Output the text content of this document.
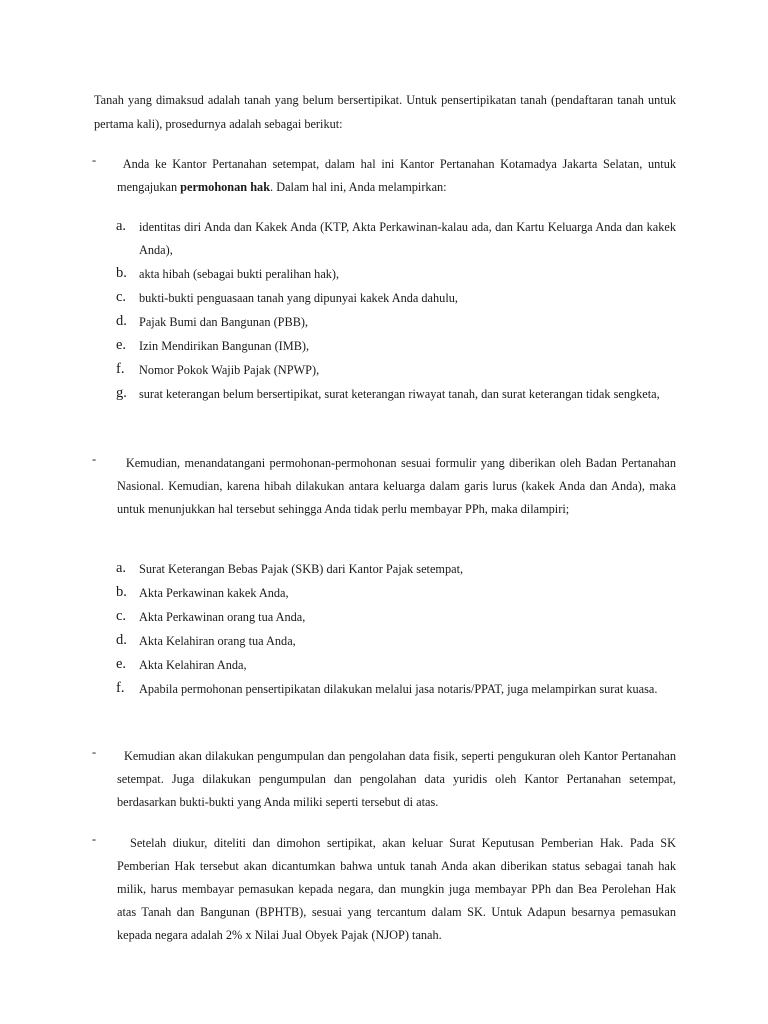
Tanah yang dimaksud adalah tanah yang belum bersertipikat. Untuk pensertipikatan tanah (pendaftaran tanah untuk pertama kali), prosedurnya adalah sebagai berikut:

-	Anda ke Kantor Pertanahan setempat, dalam hal ini Kantor Pertanahan Kotamadya Jakarta Selatan, untuk mengajukan permohonan hak. Dalam hal ini, Anda melampirkan:

a. identitas diri Anda dan Kakek Anda (KTP, Akta Perkawinan-kalau ada, dan Kartu Keluarga Anda dan kakek Anda),
b. akta hibah (sebagai bukti peralihan hak),
c. bukti-bukti penguasaan tanah yang dipunyai kakek Anda dahulu,
d. Pajak Bumi dan Bangunan (PBB),
e. Izin Mendirikan Bangunan (IMB),
f. Nomor Pokok Wajib Pajak (NPWP),
g. surat keterangan belum bersertipikat, surat keterangan riwayat tanah, dan surat keterangan tidak sengketa,
-	Kemudian, menandatangani permohonan-permohonan sesuai formulir yang diberikan oleh Badan Pertanahan Nasional. Kemudian, karena hibah dilakukan antara keluarga dalam garis lurus (kakek Anda dan Anda), maka untuk menunjukkan hal tersebut sehingga Anda tidak perlu membayar PPh, maka dilampiri;

a. Surat Keterangan Bebas Pajak (SKB) dari Kantor Pajak setempat,
b. Akta Perkawinan kakek Anda,
c. Akta Perkawinan orang tua Anda,
d. Akta Kelahiran orang tua Anda,
e. Akta Kelahiran Anda,
f. Apabila permohonan pensertipikatan dilakukan melalui jasa notaris/PPAT, juga melampirkan surat kuasa.
-	Kemudian akan dilakukan pengumpulan dan pengolahan data fisik, seperti pengukuran oleh Kantor Pertanahan setempat. Juga dilakukan pengumpulan dan pengolahan data yuridis oleh Kantor Pertanahan setempat, berdasarkan bukti-bukti yang Anda miliki seperti tersebut di atas.

-	Setelah diukur, diteliti dan dimohon sertipikat, akan keluar Surat Keputusan Pemberian Hak. Pada SK Pemberian Hak tersebut akan dicantumkan bahwa untuk tanah Anda akan diberikan status sebagai tanah hak milik, harus membayar pemasukan kepada negara, dan mungkin juga membayar PPh dan Bea Perolehan Hak atas Tanah dan Bangunan (BPHTB), sesuai yang tercantum dalam SK. Untuk Adapun besarnya pemasukan kepada negara adalah 2% x Nilai Jual Obyek Pajak (NJOP) tanah.
